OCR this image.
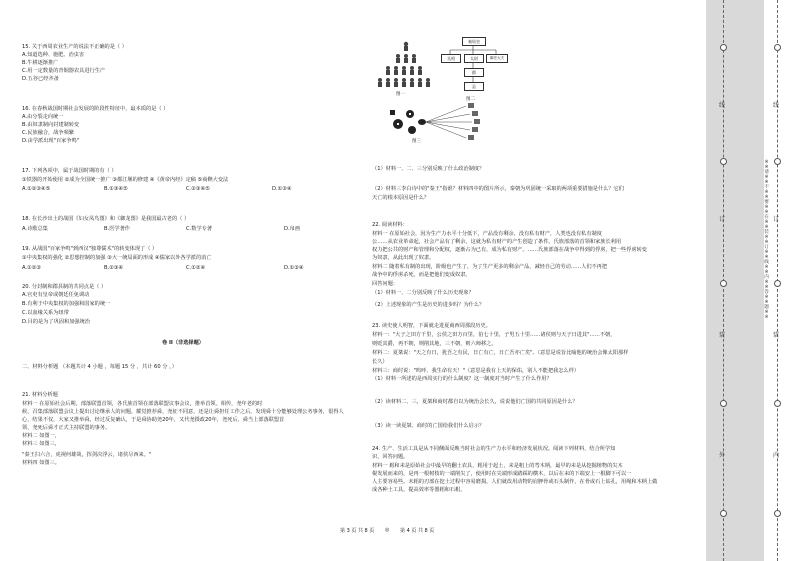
15. 关于西周农业生产的说法不正确的是（ ）
A.知道选种、施肥、治虫害
B.牛耕逐渐推广
C.用一定数量的青铜器农具进行生产
D.五谷已经齐备
16. 在春秋战国时期社会发展的阶段性特征中，最本质的是（ ）
A.由分裂走向统一
B.由奴隶制向封建制转变
C.民族融合，战争频繁
D.由学派出现"百家争鸣"
17. 下列各项中，属于战国时期的有（ ）
①铁器的开始使用 ②成为全国统一推广 ③都江堰的修建 ④《黄帝内经》定稿 ⑤商鞅大变法
A.①②③④⑤	B.①③④⑤	C.②③④⑤	D.①③④
18. 在长沙出土的战国《妇女凤鸟图》和《御龙图》是我国最古老的（ ）
A.诗歌总集	B.医学著作	C.数学专著	D.帛画
19. 从战国"百家争鸣"到西汉"独尊儒术"的转变体现了（ ）
①中央集权的强化 ②思想控制的加强 ③大一统局面的形成 ④儒家以外各学派的消亡
A.①②③	B.②③④	C.①②④	D.①③④
20. 分封制和郡县制的共同点是（ ）
A.官吏有皇帝或朝廷任免调动
B.有利于中央集权的加强和国家的统一
C.以血缘关系为纽带
D.目的是为了巩固和加强统治
卷 II（非选择题）
二、材料分析题 （本题共计 4 小题 ，每题 15 分 ，共计 60 分 ，）
21. 材料分析题
材料一 在原始社会后期，部落联盟首领，各氏族首领在部落联盟议事会议，推举首领。相传，尧年老的时
候，召集部落联盟会议上提出讨论继承人的问题，耀觉推荐舜，尧征不同意，还是让舜担任工作之后，发现舜十分能够处理公务事务，很得人
心，结果不仅，大家又推举舜，经过反复确认，于是舜协助尧20年，又代尧摄政20年，尧死后，舜当上部落联盟首
领，尧死后舜才正式主持联盟的事务。
材料二 如图一，
材料三 如图三，
"秦王扫六合，虎视何雄哉，挥剑决浮云，诸侯尽西来。"
材料四 如图三。
第 3 页 共 8 页 ◎ 第 4 页 共 8 页
图一
秦始皇
丞相	太尉	御史大夫
郡
县
图二
图三
（1）材料一、二、三分别反映了什么政治制度？
（2）材料三李白诗中的"秦王"指谁？材料四中的图片所示，秦朝为巩固统一采取的两项重要措施是什么？它们
天亡的根本原因是什么？
22. 阅读材料：
材料一 在原始社会，因为生产力水平十分低下，产品没有剩余，没有私有财产，人类也没有私有制度
公……从农业革命起，社会产品有了剩余，这就为私有财产的产生创造了条件。氏族部落的首领和家族长利用
权力把公共的财产和管理和分配权，逐渐占为已有，成为私有财产。……氏族部落在战争中得到的俘虏，把一些俘虏转变
为奴隶，从此出现了奴隶。
材料二 随着私有制的出现，阶级也产生了，为了生产更多的剩余产品，减轻自己的劳动……人们不再把
战争中的俘虏杀死，而是把他们变成奴隶。
回答问题：
（1）材料一、二分别反映了什么历史现象？
（2）上述现象的产生是历史的进步吗？为什么？
23. 读史使人明智，下面就走进夏商西周那段历史。
材料一："大子之田方千里，公侯之田方百里，伯七十里，子男五十里……诸侯则与天子日进其"……不朝，
则贬其爵，再不朝，则削其地，三不朝，则六师移之。
材料二：夏桀说："天之有日，犹吾之有民，日亡有亡，日亡吾亦亡矣"。（意思是说旨比喻他的统治会像太阳那样
长久）
材料三：商纣说："呜呼，我生命有天！"（意思是我有上天的保佑，别人不能把我怎么样）
（1）材料一所述的是西周实行的什么制度？这一制度对当时产生了什么作用？
（2）读材料二、三，夏桀和商纣都自以为统治会长久，说说他们亡国的共同原因是什么？
（3）读一读夏桀、商纣的亡国给我们什么启示？
24. 生产、生活工具是从不同侧面反映当时社会的生产力水平和经济发展状况。阅读下列材料，结合所学知
识，回答问题。
材料一 耜和耒是原始社会中最早的翻土农具，耜用于起土，耒是粗上的弯木柄，最早的耒是从挖掘植物的尖木
棍发展而来的，是再一根树枝的一端削尖了，使用时在尖端形成踏踩的横木，以后在耒的下端安上一根脚下可以一
人主要容易些。未耜的刃部在挖土过程中容易磨损，人们就改用动物的肩胛骨或石头制作，在骨或石上钻孔，用绳和木柄上做
成各种土工具，提高效率等器耜和石耜。
线
订
装
外
线
订
装
内
※※请※※不※※要※※在※※装※※订※※线※※内※※答※※题※※
